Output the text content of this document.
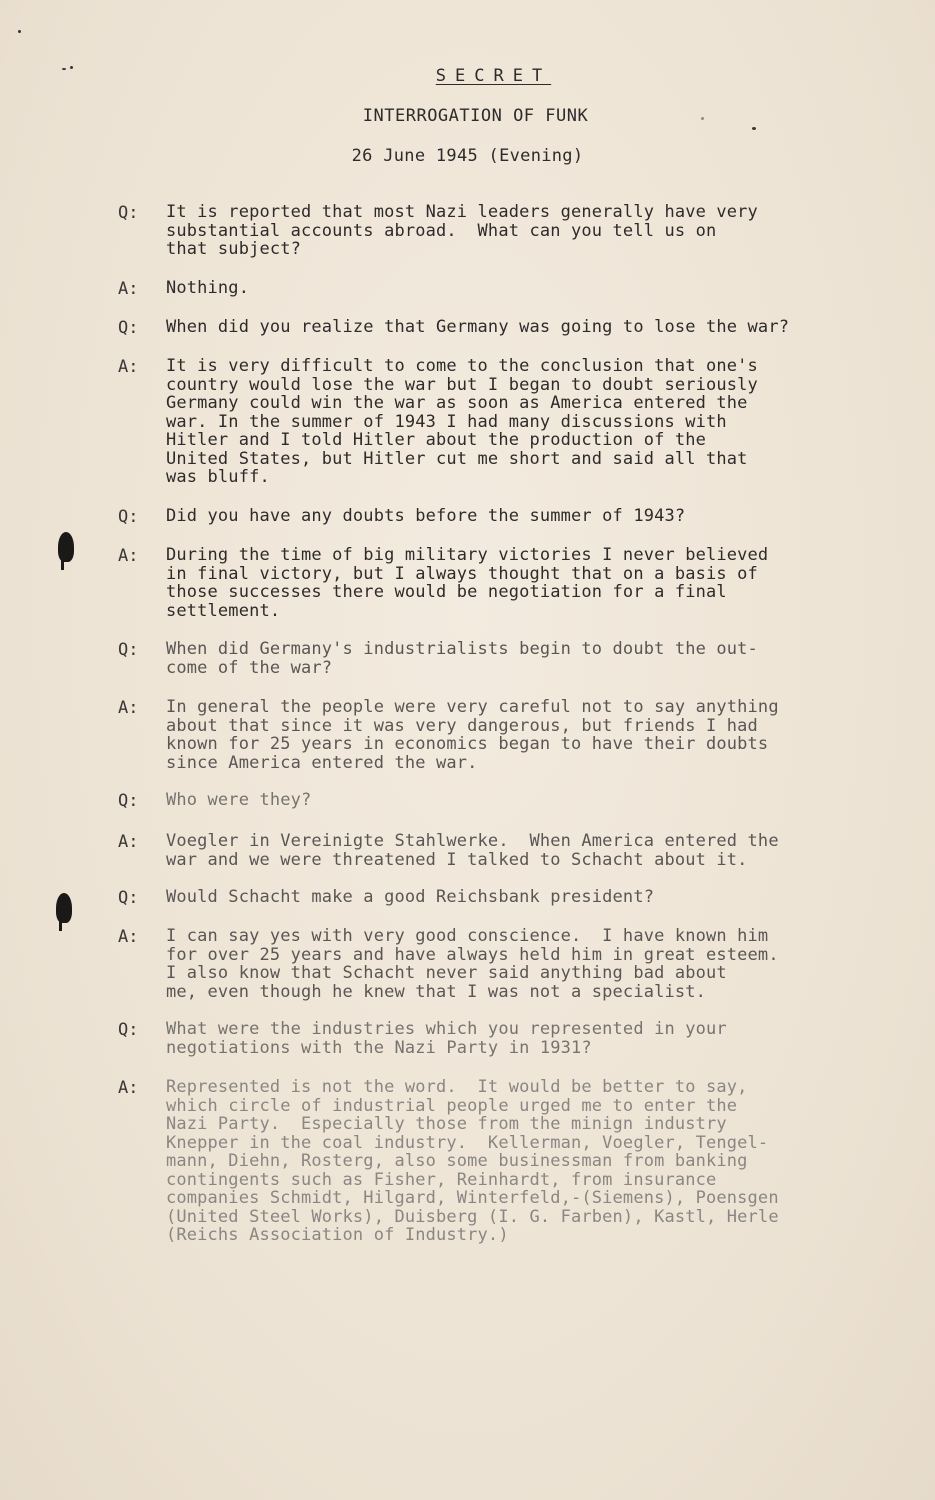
SECRET
INTERROGATION OF FUNK
26 June 1945 (Evening)
Q:	It is reported that most Nazi leaders generally have very
substantial accounts abroad.  What can you tell us on
that subject?
A:	Nothing.
Q:	When did you realize that Germany was going to lose the war?
A:	It is very difficult to come to the conclusion that one's
country would lose the war but I began to doubt seriously
Germany could win the war as soon as America entered the
war. In the summer of 1943 I had many discussions with
Hitler and I told Hitler about the production of the
United States, but Hitler cut me short and said all that
was bluff.
Q:	Did you have any doubts before the summer of 1943?
A:	During the time of big military victories I never believed
in final victory, but I always thought that on a basis of
those successes there would be negotiation for a final
settlement.
Q:	When did Germany's industrialists begin to doubt the out-
come of the war?
A:	In general the people were very careful not to say anything
about that since it was very dangerous, but friends I had
known for 25 years in economics began to have their doubts
since America entered the war.
Q:	Who were they?
A:	Voegler in Vereinigte Stahlwerke.  When America entered the
war and we were threatened I talked to Schacht about it.
Q:	Would Schacht make a good Reichsbank president?
A:	I can say yes with very good conscience.  I have known him
for over 25 years and have always held him in great esteem.
I also know that Schacht never said anything bad about
me, even though he knew that I was not a specialist.
Q:	What were the industries which you represented in your
negotiations with the Nazi Party in 1931?
A:	Represented is not the word.  It would be better to say,
which circle of industrial people urged me to enter the
Nazi Party.  Especially those from the minign industry
Knepper in the coal industry.  Kellerman, Voegler, Tengel-
mann, Diehn, Rosterg, also some businessman from banking
contingents such as Fisher, Reinhardt, from insurance
companies Schmidt, Hilgard, Winterfeld,-(Siemens), Poensgen
(United Steel Works), Duisberg (I. G. Farben), Kastl, Herle
(Reichs Association of Industry.)
